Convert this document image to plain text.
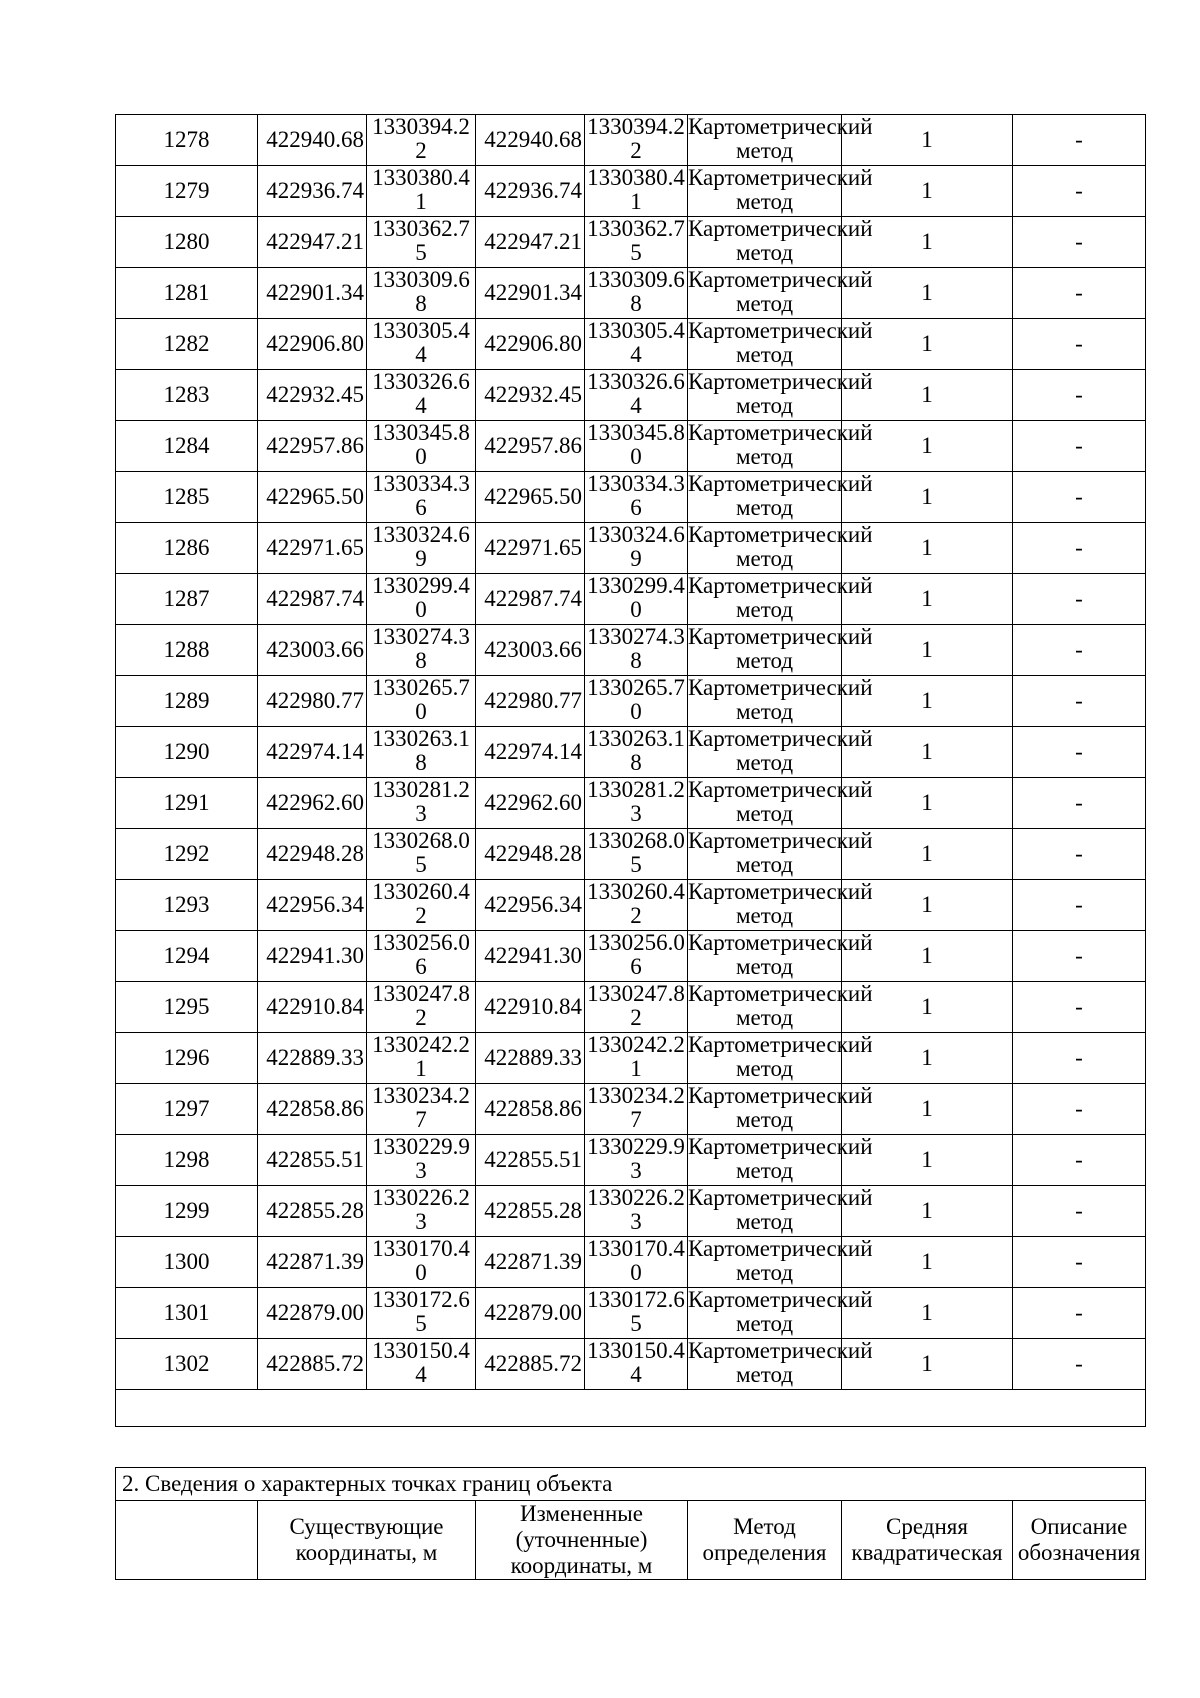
1278	422940.68	1330394.22	422940.68	1330394.22	Картометрический метод	1	-
1279	422936.74	1330380.41	422936.74	1330380.41	Картометрический метод	1	-
1280	422947.21	1330362.75	422947.21	1330362.75	Картометрический метод	1	-
1281	422901.34	1330309.68	422901.34	1330309.68	Картометрический метод	1	-
1282	422906.80	1330305.44	422906.80	1330305.44	Картометрический метод	1	-
1283	422932.45	1330326.64	422932.45	1330326.64	Картометрический метод	1	-
1284	422957.86	1330345.80	422957.86	1330345.80	Картометрический метод	1	-
1285	422965.50	1330334.36	422965.50	1330334.36	Картометрический метод	1	-
1286	422971.65	1330324.69	422971.65	1330324.69	Картометрический метод	1	-
1287	422987.74	1330299.40	422987.74	1330299.40	Картометрический метод	1	-
1288	423003.66	1330274.38	423003.66	1330274.38	Картометрический метод	1	-
1289	422980.77	1330265.70	422980.77	1330265.70	Картометрический метод	1	-
1290	422974.14	1330263.18	422974.14	1330263.18	Картометрический метод	1	-
1291	422962.60	1330281.23	422962.60	1330281.23	Картометрический метод	1	-
1292	422948.28	1330268.05	422948.28	1330268.05	Картометрический метод	1	-
1293	422956.34	1330260.42	422956.34	1330260.42	Картометрический метод	1	-
1294	422941.30	1330256.06	422941.30	1330256.06	Картометрический метод	1	-
1295	422910.84	1330247.82	422910.84	1330247.82	Картометрический метод	1	-
1296	422889.33	1330242.21	422889.33	1330242.21	Картометрический метод	1	-
1297	422858.86	1330234.27	422858.86	1330234.27	Картометрический метод	1	-
1298	422855.51	1330229.93	422855.51	1330229.93	Картометрический метод	1	-
1299	422855.28	1330226.23	422855.28	1330226.23	Картометрический метод	1	-
1300	422871.39	1330170.40	422871.39	1330170.40	Картометрический метод	1	-
1301	422879.00	1330172.65	422879.00	1330172.65	Картометрический метод	1	-
1302	422885.72	1330150.44	422885.72	1330150.44	Картометрический метод	1	-

2. Сведения о характерных точках границ объекта
	Существующие координаты, м	Измененные (уточненные) координаты, м	Метод определения	Средняя квадратическая	Описание обозначения
